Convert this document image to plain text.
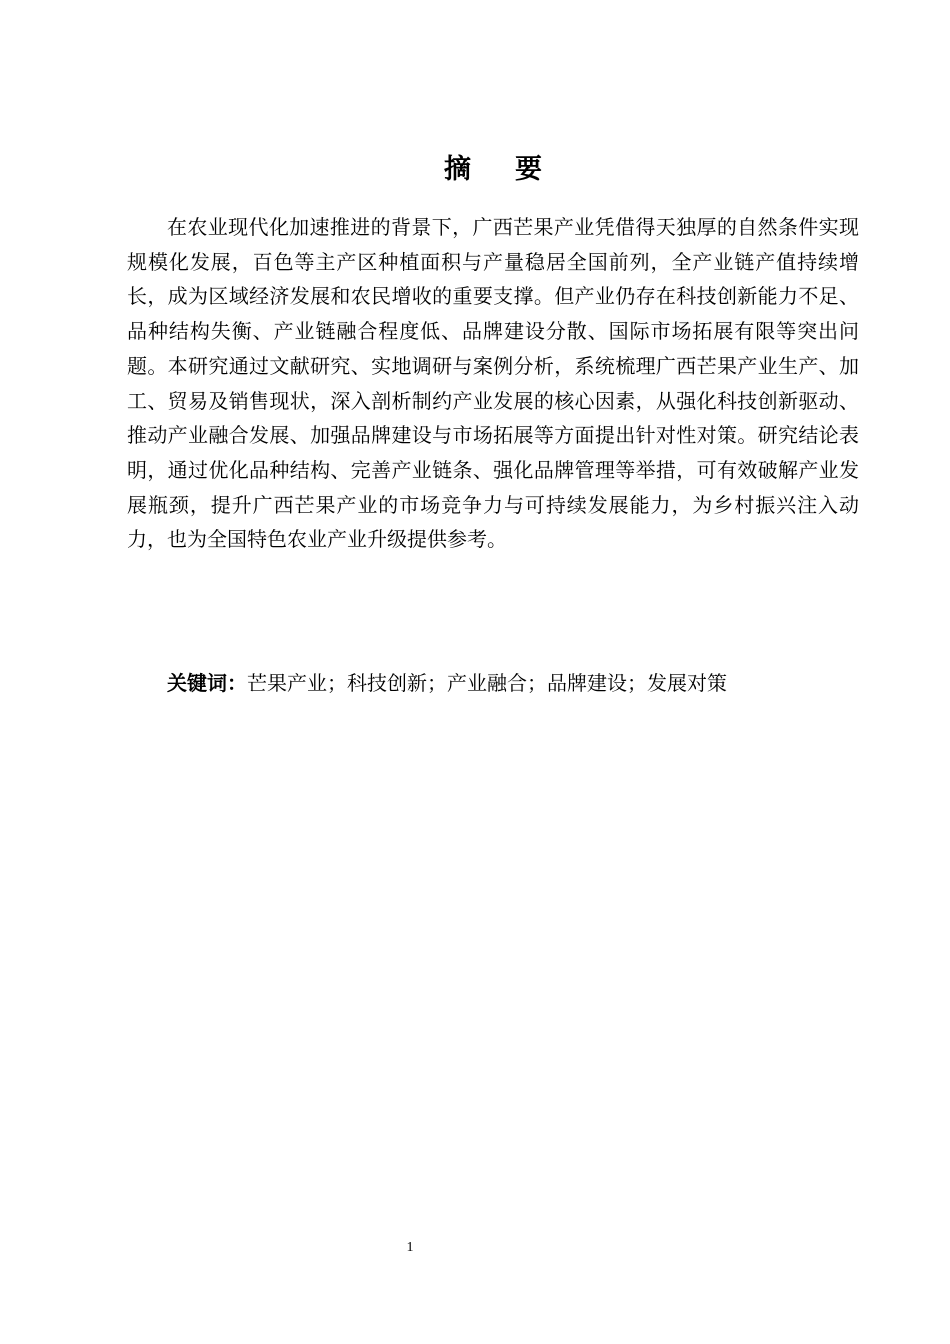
摘 要

在农业现代化加速推进的背景下，广西芒果产业凭借得天独厚的自然条件实现规模化发展，百色等主产区种植面积与产量稳居全国前列，全产业链产值持续增长，成为区域经济发展和农民增收的重要支撑。但产业仍存在科技创新能力不足、品种结构失衡、产业链融合程度低、品牌建设分散、国际市场拓展有限等突出问题。本研究通过文献研究、实地调研与案例分析，系统梳理广西芒果产业生产、加工、贸易及销售现状，深入剖析制约产业发展的核心因素，从强化科技创新驱动、推动产业融合发展、加强品牌建设与市场拓展等方面提出针对性对策。研究结论表明，通过优化品种结构、完善产业链条、强化品牌管理等举措，可有效破解产业发展瓶颈，提升广西芒果产业的市场竞争力与可持续发展能力，为乡村振兴注入动力，也为全国特色农业产业升级提供参考。

关键词：芒果产业；科技创新；产业融合；品牌建设；发展对策
1
